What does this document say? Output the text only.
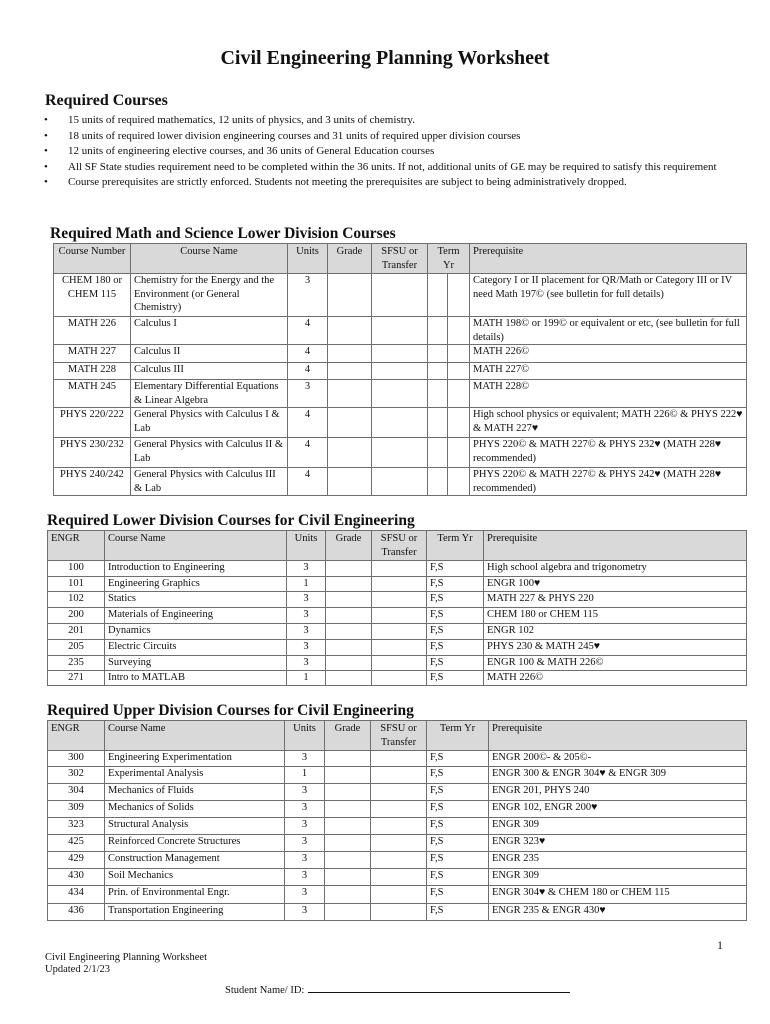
Civil Engineering Planning Worksheet
Required Courses
• 15 units of required mathematics, 12 units of physics, and 3 units of chemistry.
• 18 units of required lower division engineering courses and 31 units of required upper division courses
• 12 units of engineering elective courses, and 36 units of General Education courses
• All SF State studies requirement need to be completed within the 36 units. If not, additional units of GE may be required to satisfy this requirement
• Course prerequisites are strictly enforced. Students not meeting the prerequisites are subject to being administratively dropped.
Required Math and Science Lower Division Courses
Course Number	Course Name	Units	Grade	SFSU or Transfer	Term Yr		Prerequisite
CHEM 180 or CHEM 115	Chemistry for the Energy and the Environment (or General Chemistry)	3					Category I or II placement for QR/Math or Category III or IV need Math 197© (see bulletin for full details)
MATH 226	Calculus I	4					MATH 198© or 199© or equivalent or etc, (see bulletin for full details)
MATH 227	Calculus II	4					MATH 226©
MATH 228	Calculus III	4					MATH 227©
MATH 245	Elementary Differential Equations & Linear Algebra	3					MATH 228©
PHYS 220/222	General Physics with Calculus I & Lab	4					High school physics or equivalent; MATH 226© & PHYS 222♥ & MATH 227♥
PHYS 230/232	General Physics with Calculus II & Lab	4					PHYS 220© & MATH 227© & PHYS 232♥ (MATH 228♥ recommended)
PHYS 240/242	General Physics with Calculus III & Lab	4					PHYS 220© & MATH 227© & PHYS 242♥ (MATH 228♥ recommended)
Required Lower Division Courses for Civil Engineering
ENGR	Course Name	Units	Grade	SFSU or Transfer	Term Yr	Prerequisite
100	Introduction to Engineering	3			F,S	High school algebra and trigonometry
101	Engineering Graphics	1			F,S	ENGR 100♥
102	Statics	3			F,S	MATH 227 & PHYS 220
200	Materials of Engineering	3			F,S	CHEM 180 or CHEM 115
201	Dynamics	3			F,S	ENGR 102
205	Electric Circuits	3			F,S	PHYS 230 & MATH 245♥
235	Surveying	3			F,S	ENGR 100 & MATH 226©
271	Intro to MATLAB	1			F,S	MATH 226©
Required Upper Division Courses for Civil Engineering
ENGR	Course Name	Units	Grade	SFSU or Transfer	Term Yr	Prerequisite
300	Engineering Experimentation	3			F,S	ENGR 200©- & 205©-
302	Experimental Analysis	1			F,S	ENGR 300 & ENGR 304♥ & ENGR 309
304	Mechanics of Fluids	3			F,S	ENGR 201, PHYS 240
309	Mechanics of Solids	3			F,S	ENGR 102, ENGR 200♥
323	Structural Analysis	3			F,S	ENGR 309
425	Reinforced Concrete Structures	3			F,S	ENGR 323♥
429	Construction Management	3			F,S	ENGR 235
430	Soil Mechanics	3			F,S	ENGR 309
434	Prin. of Environmental Engr.	3			F,S	ENGR 304♥ & CHEM 180 or CHEM 115
436	Transportation Engineering	3			F,S	ENGR 235 & ENGR 430♥
1
Civil Engineering Planning Worksheet
Updated 2/1/23
Student Name/ ID:
